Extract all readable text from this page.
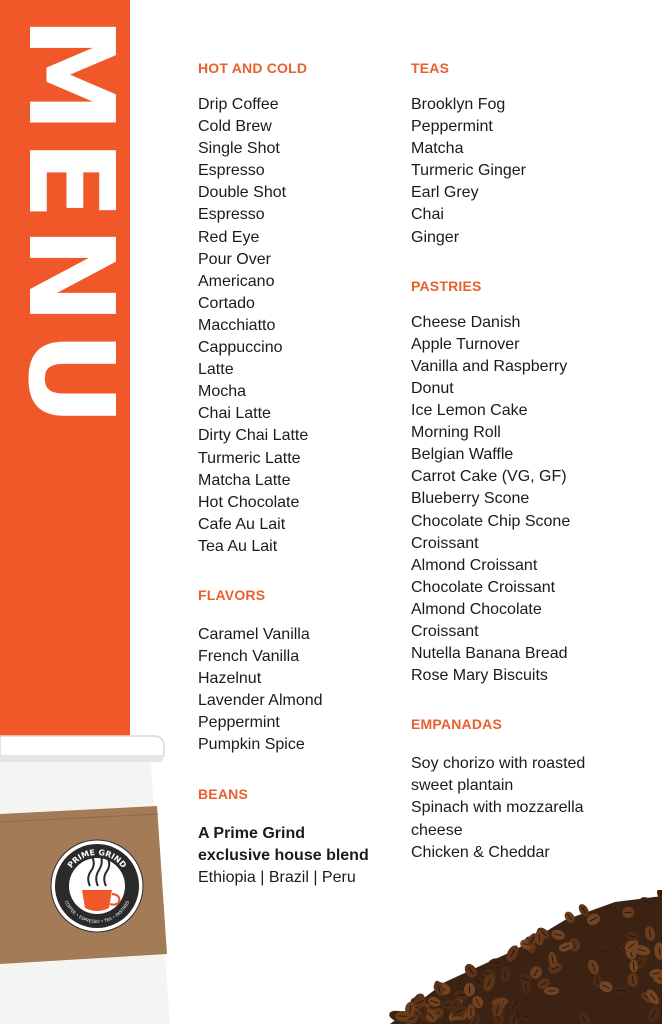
MENU	HOT AND COLD
Drip Coffee
Cold Brew
Single Shot
Espresso
Double Shot
Espresso
Red Eye
Pour Over
Americano
Cortado
Macchiatto
Cappuccino
Latte
Mocha
Chai Latte
Dirty Chai Latte
Turmeric Latte
Matcha Latte
Hot Chocolate
Cafe Au Lait
Tea Au Lait
FLAVORS
Caramel Vanilla
French Vanilla
Hazelnut
Lavender Almond
Peppermint
Pumpkin Spice
BEANS
A Prime Grind
exclusive house blend
Ethiopia | Brazil | Peru
TEAS
Brooklyn Fog
Peppermint
Matcha
Turmeric Ginger
Earl Grey
Chai
Ginger
PASTRIES
Cheese Danish
Apple Turnover
Vanilla and Raspberry
Donut
Ice Lemon Cake
Morning Roll
Belgian Waffle
Carrot Cake (VG, GF)
Blueberry Scone
Chocolate Chip Scone
Croissant
Almond Croissant
Chocolate Croissant
Almond Chocolate
Croissant
Nutella Banana Bread
Rose Mary Biscuits
EMPANADAS
Soy chorizo with roasted
sweet plantain
Spinach with mozzarella
cheese
Chicken & Cheddar
PRIME GRIND
COFFEE • ESPRESSO • TEA • PASTRIES
